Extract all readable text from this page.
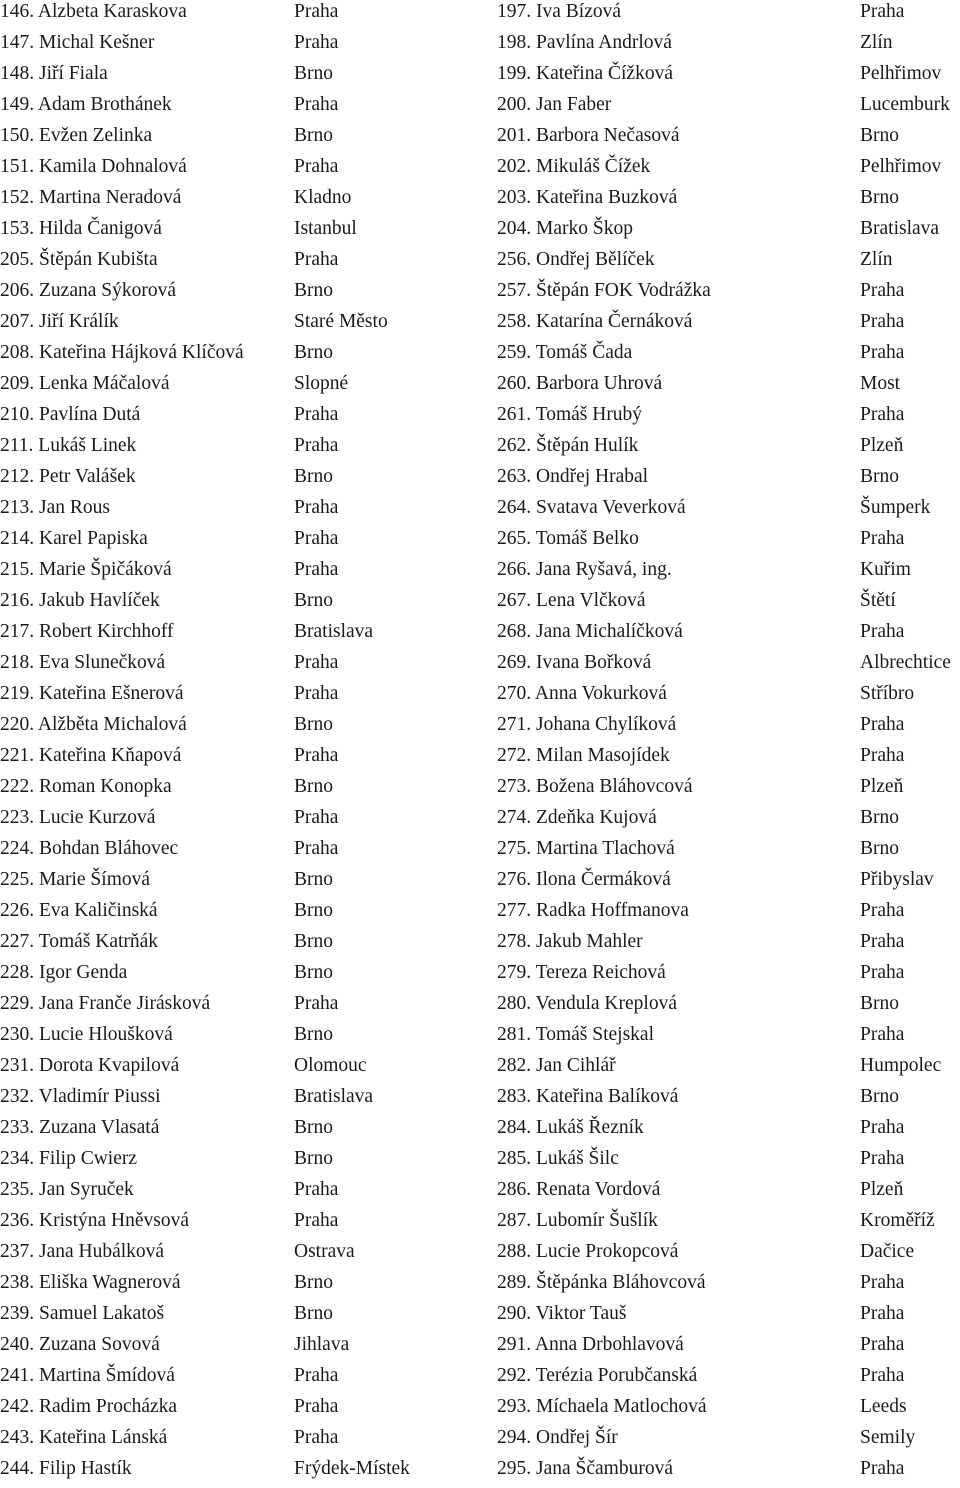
146. Alzbeta Karaskova	Praha
147. Michal Kešner	Praha
148. Jiří Fiala	Brno
149. Adam Brothánek	Praha
150. Evžen Zelinka	Brno
151. Kamila Dohnalová	Praha
152. Martina Neradová	Kladno
153. Hilda Čanigová	Istanbul
205. Štěpán Kubišta	Praha
206. Zuzana Sýkorová	Brno
207. Jiří Králík	Staré Město
208. Kateřina Hájková Klíčová	Brno
209. Lenka Máčalová	Slopné
210. Pavlína Dutá	Praha
211. Lukáš Linek	Praha
212. Petr Valášek	Brno
213. Jan Rous	Praha
214. Karel Papiska	Praha
215. Marie Špičáková	Praha
216. Jakub Havlíček	Brno
217. Robert Kirchhoff	Bratislava
218. Eva Slunečková	Praha
219. Kateřina Ešnerová	Praha
220. Alžběta Michalová	Brno
221. Kateřina Kňapová	Praha
222. Roman Konopka	Brno
223. Lucie Kurzová	Praha
224. Bohdan Bláhovec	Praha
225. Marie Šímová	Brno
226. Eva Kaličinská	Brno
227. Tomáš Katrňák	Brno
228. Igor Genda	Brno
229. Jana Franče Jirásková	Praha
230. Lucie Hloušková	Brno
231. Dorota Kvapilová	Olomouc
232. Vladimír Piussi	Bratislava
233. Zuzana Vlasatá	Brno
234. Filip Cwierz	Brno
235. Jan Syruček	Praha
236. Kristýna Hněvsová	Praha
237. Jana Hubálková	Ostrava
238. Eliška Wagnerová	Brno
239. Samuel Lakatoš	Brno
240. Zuzana Sovová	Jihlava
241. Martina Šmídová	Praha
242. Radim Procházka	Praha
243. Kateřina Lánská	Praha
244. Filip Hastík	Frýdek-Místek
197. Iva Bízová	Praha
198. Pavlína Andrlová	Zlín
199. Kateřina Čížková	Pelhřimov
200. Jan Faber	Lucemburk
201. Barbora Nečasová	Brno
202. Mikuláš Čížek	Pelhřimov
203. Kateřina Buzková	Brno
204. Marko Škop	Bratislava
256. Ondřej Bělíček	Zlín
257. Štěpán FOK Vodrážka	Praha
258. Katarína Černáková	Praha
259. Tomáš Čada	Praha
260. Barbora Uhrová	Most
261. Tomáš Hrubý	Praha
262. Štěpán Hulík	Plzeň
263. Ondřej Hrabal	Brno
264. Svatava Veverková	Šumperk
265. Tomáš Belko	Praha
266. Jana Ryšavá, ing.	Kuřim
267. Lena Vlčková	Štětí
268. Jana Michalíčková	Praha
269. Ivana Bořková	Albrechtice
270. Anna Vokurková	Stříbro
271. Johana Chylíková	Praha
272. Milan Masojídek	Praha
273. Božena Bláhovcová	Plzeň
274. Zdeňka Kujová	Brno
275. Martina Tlachová	Brno
276. Ilona Čermáková	Přibyslav
277. Radka Hoffmanova	Praha
278. Jakub Mahler	Praha
279. Tereza Reichová	Praha
280. Vendula Kreplová	Brno
281. Tomáš Stejskal	Praha
282. Jan Cihlář	Humpolec
283. Kateřina Balíková	Brno
284. Lukáš Řezník	Praha
285. Lukáš Šilc	Praha
286. Renata Vordová	Plzeň
287. Lubomír Šušlík	Kroměříž
288. Lucie Prokopcová	Dačice
289. Štěpánka Bláhovcová	Praha
290. Viktor Tauš	Praha
291. Anna Drbohlavová	Praha
292. Terézia Porubčanská	Praha
293. Míchaela Matlochová	Leeds
294. Ondřej Šír	Semily
295. Jana Ščamburová	Praha
